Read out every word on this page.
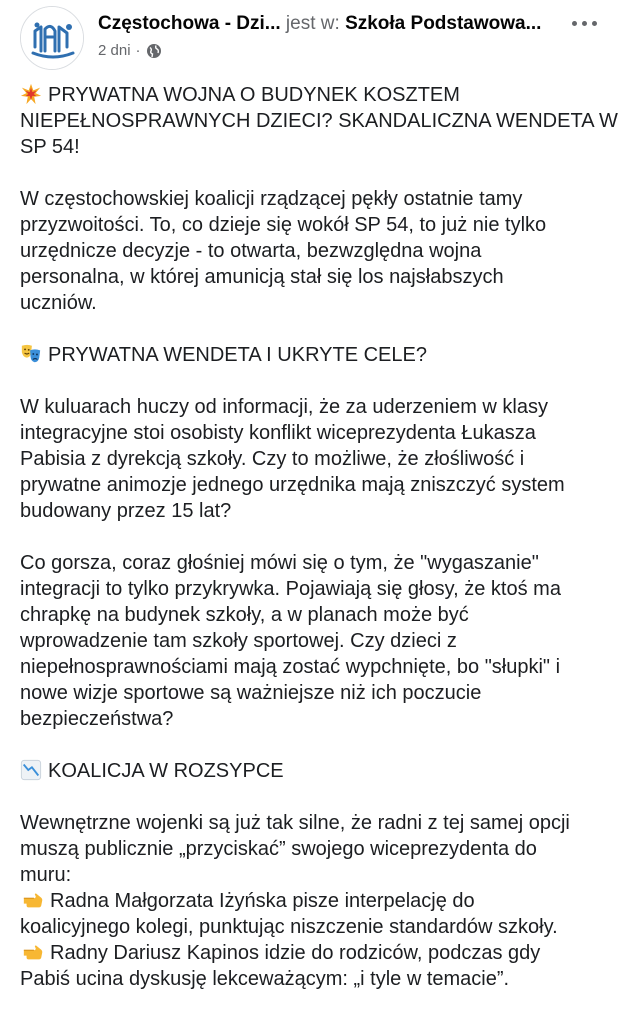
Częstochowa - Dzi... jest w: Szkoła Podstawowa...
2 dni ·
PRYWATNA WOJNA O BUDYNEK KOSZTEM
NIEPEŁNOSPRAWNYCH DZIECI? SKANDALICZNA WENDETA W
SP 54!
W częstochowskiej koalicji rządzącej pękły ostatnie tamy
przyzwoitości. To, co dzieje się wokół SP 54, to już nie tylko
urzędnicze decyzje - to otwarta, bezwzględna wojna
personalna, w której amunicją stał się los najsłabszych
uczniów.
PRYWATNA WENDETA I UKRYTE CELE?
W kuluarach huczy od informacji, że za uderzeniem w klasy
integracyjne stoi osobisty konflikt wiceprezydenta Łukasza
Pabisia z dyrekcją szkoły. Czy to możliwe, że złośliwość i
prywatne animozje jednego urzędnika mają zniszczyć system
budowany przez 15 lat?
Co gorsza, coraz głośniej mówi się o tym, że "wygaszanie"
integracji to tylko przykrywka. Pojawiają się głosy, że ktoś ma
chrapkę na budynek szkoły, a w planach może być
wprowadzenie tam szkoły sportowej. Czy dzieci z
niepełnosprawnościami mają zostać wypchnięte, bo "słupki" i
nowe wizje sportowe są ważniejsze niż ich poczucie
bezpieczeństwa?
KOALICJA W ROZSYPCE
Wewnętrzne wojenki są już tak silne, że radni z tej samej opcji
muszą publicznie „przyciskać” swojego wiceprezydenta do
muru:
Radna Małgorzata Iżyńska pisze interpelację do
koalicyjnego kolegi, punktując niszczenie standardów szkoły.
Radny Dariusz Kapinos idzie do rodziców, podczas gdy
Pabiś ucina dyskusję lekceważącym: „i tyle w temacie”.
